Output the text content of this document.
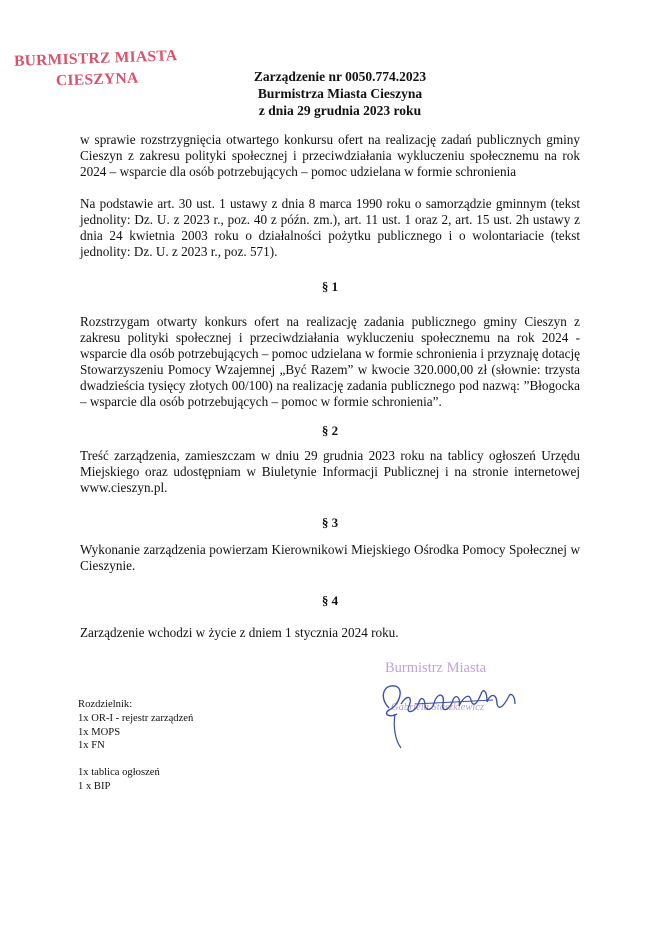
BURMISTRZ MIASTA
CIESZYNA	Zarządzenie nr 0050.774.2023
Burmistrza Miasta Cieszyna
z dnia 29 grudnia 2023 roku

w sprawie rozstrzygnięcia otwartego konkursu ofert na realizację zadań publicznych gminy Cieszyn z zakresu polityki społecznej i przeciwdziałania wykluczeniu społecznemu na rok 2024 – wsparcie dla osób potrzebujących – pomoc udzielana w formie schronienia

Na podstawie art. 30 ust. 1 ustawy z dnia 8 marca 1990 roku o samorządzie gminnym (tekst jednolity: Dz. U. z 2023 r., poz. 40 z późn. zm.), art. 11 ust. 1 oraz 2, art. 15 ust. 2h ustawy z dnia 24 kwietnia 2003 roku o działalności pożytku publicznego i o wolontariacie (tekst jednolity: Dz. U. z 2023 r., poz. 571).

§ 1

Rozstrzygam otwarty konkurs ofert na realizację zadania publicznego gminy Cieszyn z zakresu polityki społecznej i przeciwdziałania wykluczeniu społecznemu na rok 2024 - wsparcie dla osób potrzebujących – pomoc udzielana w formie schronienia i przyznaję dotację Stowarzyszeniu Pomocy Wzajemnej „Być Razem” w kwocie 320.000,00 zł (słownie: trzysta dwadzieścia tysięcy złotych 00/100) na realizację zadania publicznego pod nazwą: ”Błogocka – wsparcie dla osób potrzebujących – pomoc w formie schronienia”.

§ 2

Treść zarządzenia, zamieszczam w dniu 29 grudnia 2023 roku na tablicy ogłoszeń Urzędu Miejskiego oraz udostępniam w Biuletynie Informacji Publicznej i na stronie internetowej www.cieszyn.pl.

§ 3

Wykonanie zarządzenia powierzam Kierownikowi Miejskiego Ośrodka Pomocy Społecznej w Cieszynie.

§ 4

Zarządzenie wchodzi w życie z dniem 1 stycznia 2024 roku.

Burmistrz Miasta
Gabriela Staszkiewicz
Rozdzielnik:
1x OR-I - rejestr zarządzeń
1x MOPS
1x FN
1x tablica ogłoszeń
1 x BIP
